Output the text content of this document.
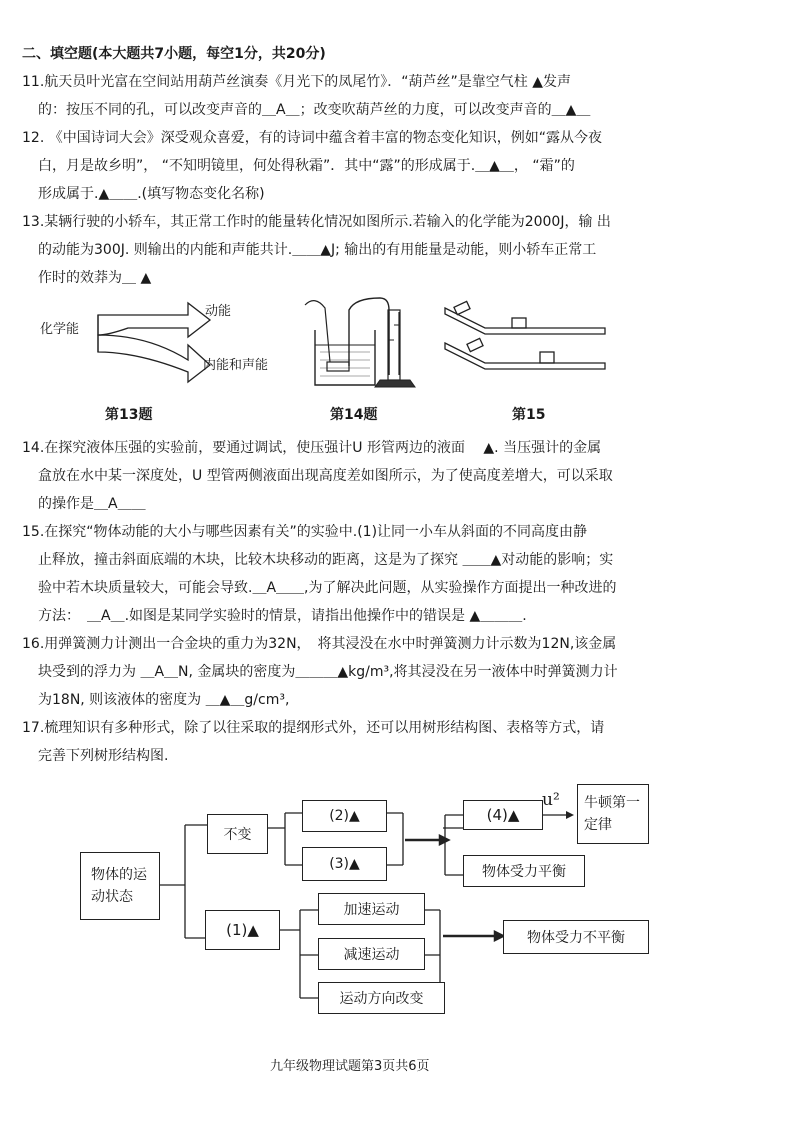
二、填空题(本大题共7小题，每空1分，共20分)
11.航天员叶光富在空间站用葫芦丝演奏《月光下的凤尾竹》．“葫芦丝”是靠空气柱 ▲发声
的：按压不同的孔，可以改变声音的＿A＿；改变吹葫芦丝的力度，可以改变声音的＿▲＿
12. 《中国诗词大会》深受观众喜爱，有的诗词中蕴含着丰富的物态变化知识，例如“露从今夜
白，月是故乡明”， “不知明镜里，何处得秋霜”．其中“露”的形成属于.＿▲＿， “霜”的
形成属于.▲＿＿.(填写物态变化名称)
13.某辆行驶的小轿车，其正常工作时的能量转化情况如图所示.若输入的化学能为2000J，输 出
的动能为300J. 则输出的内能和声能共计.＿＿▲J; 输出的有用能量是动能，则小轿车正常工
作时的效莽为＿ ▲
化学能
动能
内能和声能
第13题	第14题	第15
14.在探究液体压强的实验前，要通过调试，使压强计U 形管两边的液面　 ▲. 当压强计的金属
盒放在水中某一深度处，U 型管两侧液面出现高度差如图所示，为了使高度差增大，可以采取
的操作是＿A＿＿
15.在探究“物体动能的大小与哪些因素有关”的实验中.(1)让同一小车从斜面的不同高度由静
止释放，撞击斜面底端的木块，比较木块移动的距离，这是为了探究 ＿＿▲对动能的影响；实
验中若木块质量较大，可能会导致.＿A＿＿,为了解决此问题，从实验操作方面提出一种改进的
方法：　＿A＿.如图是某同学实验时的情景，请指出他操作中的错误是 ▲＿＿＿.
16.用弹簧测力计测出一合金块的重力为32N，　将其浸没在水中时弹簧测力计示数为12N,该金属
块受到的浮力为 ＿A＿N, 金属块的密度为＿＿＿▲kg/m³,将其浸没在另一液体中时弹簧测力计
为18N, 则该液体的密度为 ＿▲＿g/cm³,
17.梳理知识有多种形式，除了以往采取的提纲形式外，还可以用树形结构图、表格等方式，请
完善下列树形结构图.
物体的运动状态
不变
(2)▲
(3)▲
(4)▲
u²	牛顿第一定律
物体受力平衡
(1)▲
加速运动
减速运动
运动方向改变
物体受力不平衡
九年级物理试题第3页共6页
